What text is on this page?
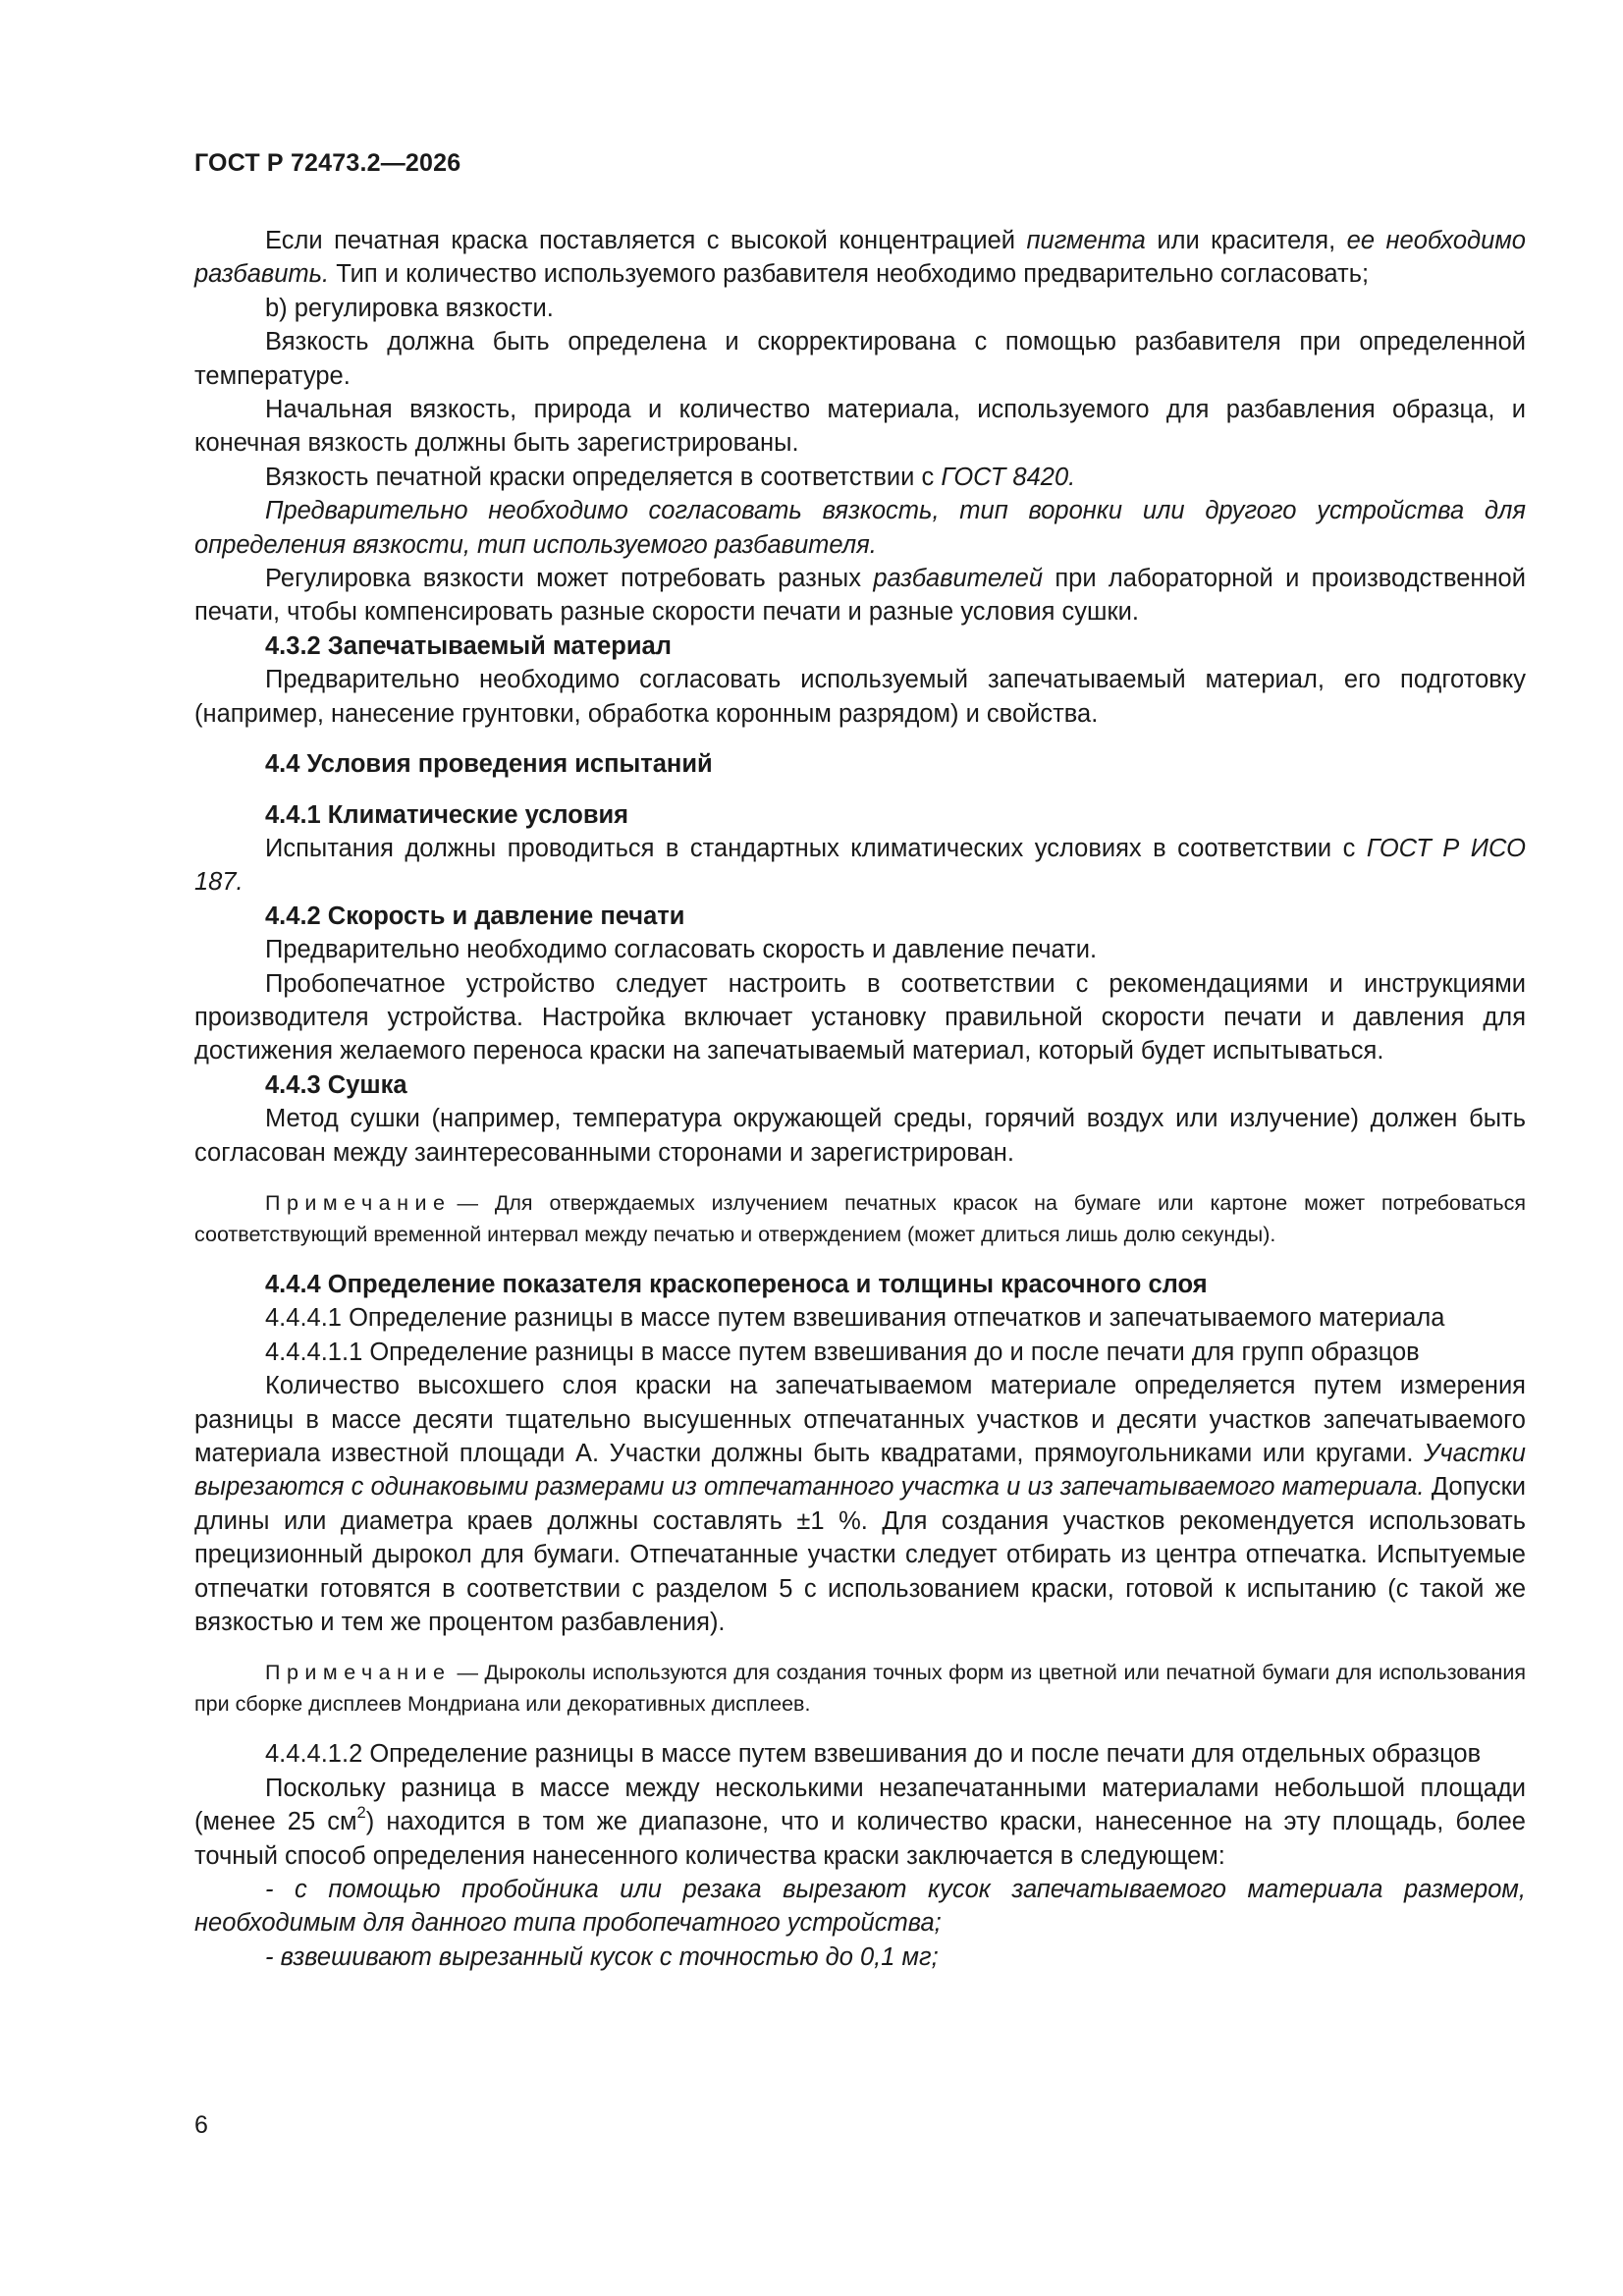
ГОСТ Р 72473.2—2026

Если печатная краска поставляется с высокой концентрацией пигмента или красителя, ее необходимо разбавить. Тип и количество используемого разбавителя необходимо предварительно согласовать;

b) регулировка вязкости.

Вязкость должна быть определена и скорректирована с помощью разбавителя при определенной температуре.

Начальная вязкость, природа и количество материала, используемого для разбавления образца, и конечная вязкость должны быть зарегистрированы.

Вязкость печатной краски определяется в соответствии с ГОСТ 8420.

Предварительно необходимо согласовать вязкость, тип воронки или другого устройства для определения вязкости, тип используемого разбавителя.

Регулировка вязкости может потребовать разных разбавителей при лабораторной и производственной печати, чтобы компенсировать разные скорости печати и разные условия сушки.

4.3.2 Запечатываемый материал

Предварительно необходимо согласовать используемый запечатываемый материал, его подготовку (например, нанесение грунтовки, обработка коронным разрядом) и свойства.

4.4 Условия проведения испытаний

4.4.1 Климатические условия

Испытания должны проводиться в стандартных климатических условиях в соответствии с ГОСТ Р ИСО 187.

4.4.2 Скорость и давление печати

Предварительно необходимо согласовать скорость и давление печати.

Пробопечатное устройство следует настроить в соответствии с рекомендациями и инструкциями производителя устройства. Настройка включает установку правильной скорости печати и давления для достижения желаемого переноса краски на запечатываемый материал, который будет испытываться.

4.4.3 Сушка

Метод сушки (например, температура окружающей среды, горячий воздух или излучение) должен быть согласован между заинтересованными сторонами и зарегистрирован.

Примечание — Для отверждаемых излучением печатных красок на бумаге или картоне может потребоваться соответствующий временной интервал между печатью и отверждением (может длиться лишь долю секунды).

4.4.4 Определение показателя краскопереноса и толщины красочного слоя

4.4.4.1 Определение разницы в массе путем взвешивания отпечатков и запечатываемого материала

4.4.4.1.1 Определение разницы в массе путем взвешивания до и после печати для групп образцов

Количество высохшего слоя краски на запечатываемом материале определяется путем измерения разницы в массе десяти тщательно высушенных отпечатанных участков и десяти участков запечатываемого материала известной площади A. Участки должны быть квадратами, прямоугольниками или кругами. Участки вырезаются с одинаковыми размерами из отпечатанного участка и из запечатываемого материала. Допуски длины или диаметра краев должны составлять ±1 %. Для создания участков рекомендуется использовать прецизионный дырокол для бумаги. Отпечатанные участки следует отбирать из центра отпечатка. Испытуемые отпечатки готовятся в соответствии с разделом 5 с использованием краски, готовой к испытанию (с такой же вязкостью и тем же процентом разбавления).

Примечание — Дыроколы используются для создания точных форм из цветной или печатной бумаги для использования при сборке дисплеев Мондриана или декоративных дисплеев.

4.4.4.1.2 Определение разницы в массе путем взвешивания до и после печати для отдельных образцов

Поскольку разница в массе между несколькими незапечатанными материалами небольшой площади (менее 25 $см^2$) находится в том же диапазоне, что и количество краски, нанесенное на эту площадь, более точный способ определения нанесенного количества краски заключается в следующем:

- с помощью пробойника или резака вырезают кусок запечатываемого материала размером, необходимым для данного типа пробопечатного устройства;

- взвешивают вырезанный кусок с точностью до 0,1 мг;

6
